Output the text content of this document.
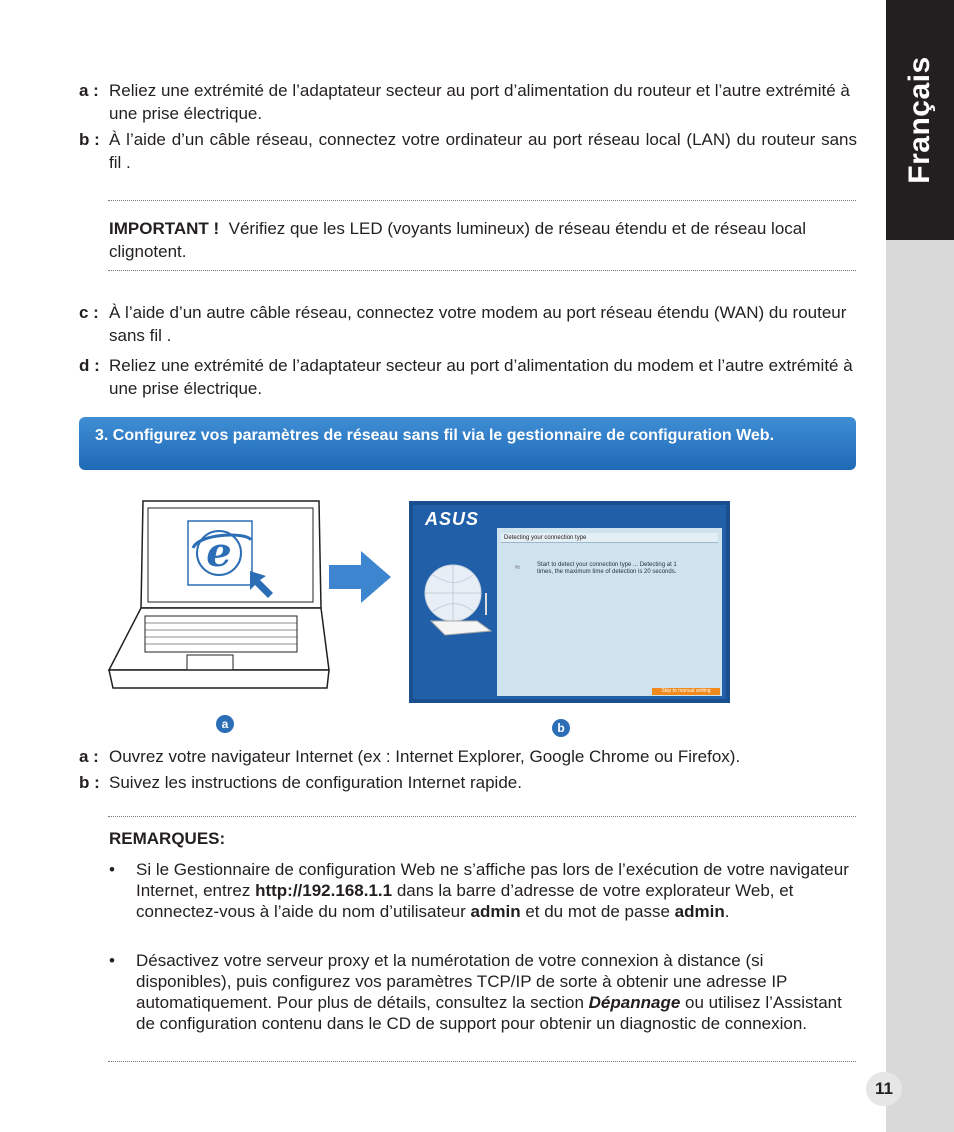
Français
11
a : Reliez une extrémité de l’adaptateur secteur au port d’alimentation du routeur et l’autre extrémité à une prise électrique.
b : À l’aide d’un câble réseau, connectez votre ordinateur au port réseau local (LAN) du routeur sans fil .
IMPORTANT ! Vérifiez que les LED (voyants lumineux) de réseau étendu et de réseau local clignotent.
c : À l’aide d’un autre câble réseau, connectez votre modem au port réseau étendu (WAN) du routeur sans fil .
d : Reliez une extrémité de l’adaptateur secteur au port d’alimentation du modem et l’autre extrémité à une prise électrique.
3. Configurez vos paramètres de réseau sans fil via le gestionnaire de configuration Web.
e
ASUS
Detecting your connection type
≈	Start to detect your connection type ... Detecting at 1 times, the maximum time of detection is 20 seconds.
Skip to manual setting
a	b
a : Ouvrez votre navigateur Internet (ex : Internet Explorer, Google Chrome ou Firefox).
b : Suivez les instructions de configuration Internet rapide.
REMARQUES:
• Si le Gestionnaire de configuration Web ne s’affiche pas lors de l’exécution de votre navigateur Internet, entrez http://192.168.1.1 dans la barre d’adresse de votre explorateur Web, et connectez-vous à l’aide du nom d’utilisateur admin et du mot de passe admin.
• Désactivez votre serveur proxy et la numérotation de votre connexion à distance (si disponibles), puis configurez vos paramètres TCP/IP de sorte à obtenir une adresse IP automatiquement. Pour plus de détails, consultez la section Dépannage ou utilisez l’Assistant de configuration contenu dans le CD de support pour obtenir un diagnostic de connexion.
